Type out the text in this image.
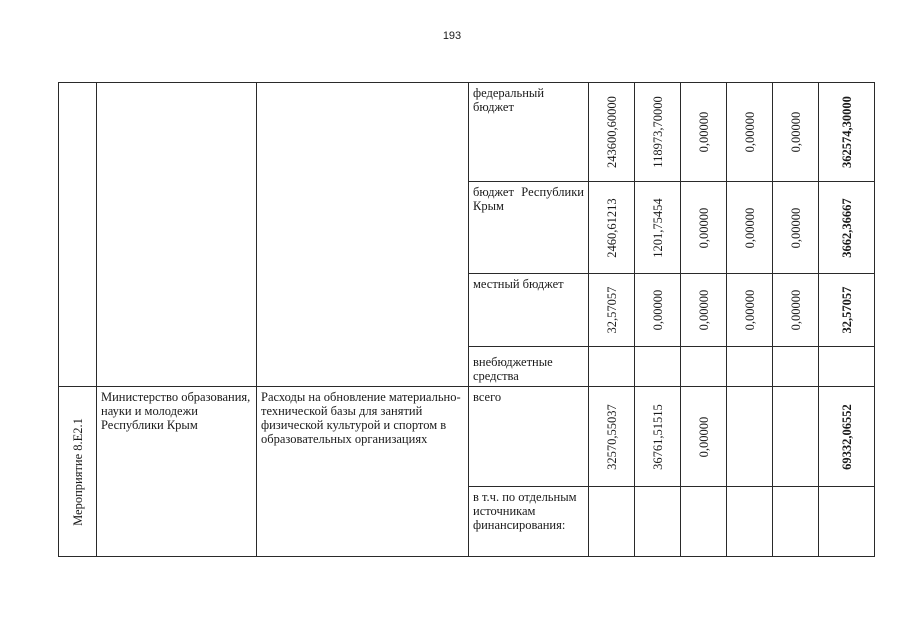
193
			федеральный бюджет	243600,60000	118973,70000	0,00000	0,00000	0,00000	362574,30000

			бюджет Республики
Крым	2460,61213	1201,75454	0,00000	0,00000	0,00000	3662,36667

			местный бюджет	32,57057	0,00000	0,00000	0,00000	0,00000	32,57057

			внебюджетные средства						

Мероприятие 8.Е2.1	Министерство образования, науки и молодежи Республики Крым	Расходы на обновление материально- технической базы для занятий физической культурой и спортом в образовательных организациях	всего	32570,55037	36761,51515	0,00000			69332,06552

			в т.ч. по отдельным источникам финансирования:						
